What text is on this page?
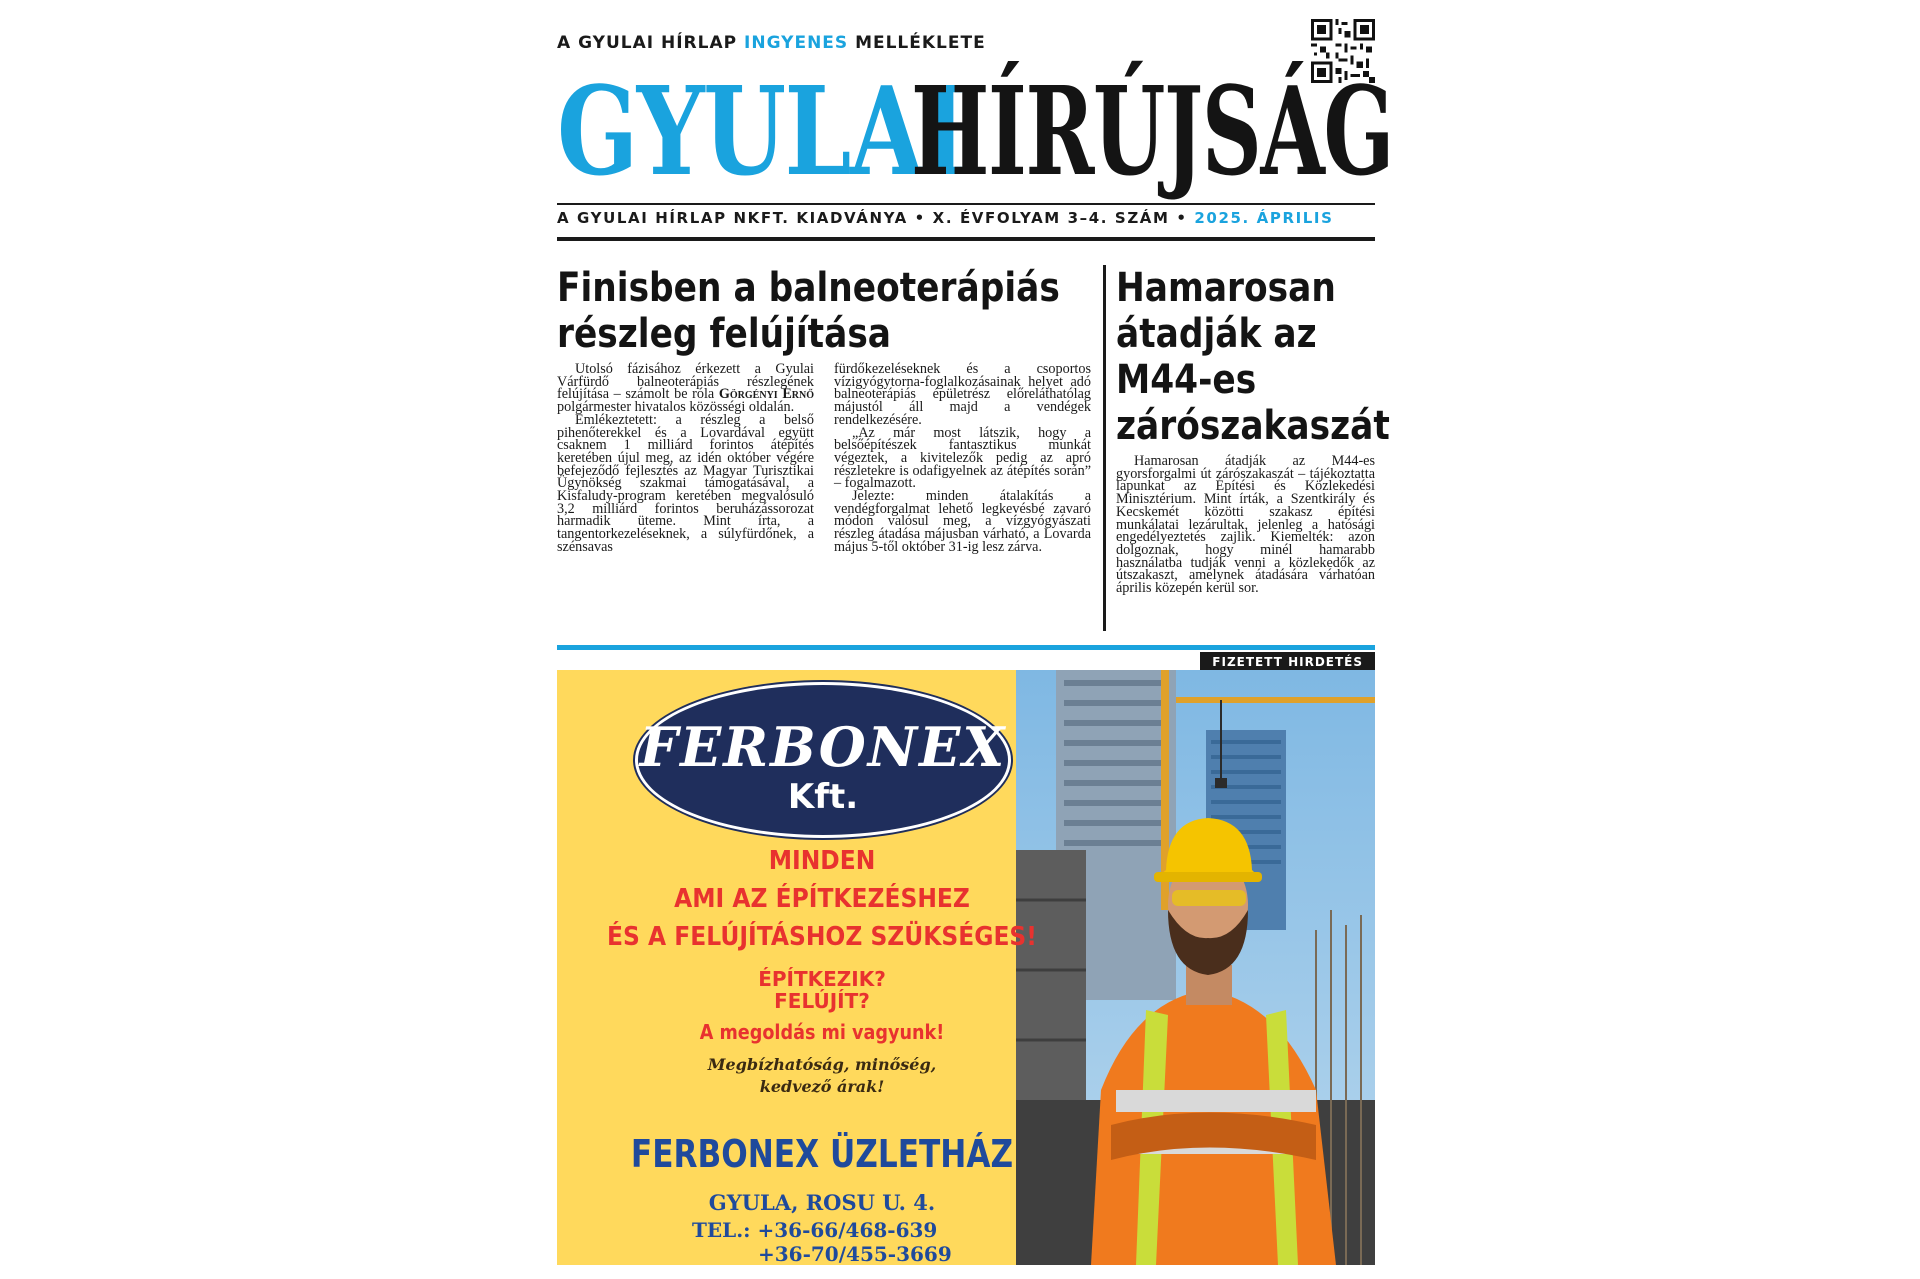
A GYULAI HÍRLAP INGYENES MELLÉKLETE
GYULAI
HÍRÚJSÁG
A GYULAI HÍRLAP NKFT. KIADVÁNYA • X. ÉVFOLYAM 3–4. SZÁM • 2025. ÁPRILIS
Finisben a balneoterápiás
részleg felújítása

Utolsó fázisához érkezett a Gyulai Várfürdő balneoterápiás részlegének felújítása – számolt be róla Görgényi Ernő polgármester hivatalos közösségi oldalán.

Emlékeztetett: a részleg a belső pihenőterekkel és a Lovardával együtt csaknem 1 milliárd forintos átépítés keretében újul meg, az idén október végére befejeződő fejlesztés az Magyar Turisztikai Ügynökség szakmai támogatásával, a Kisfaludy-program keretében megvalósuló 3,2 milliárd forintos beruházássorozat harmadik üteme. Mint írta, a tangentorkezeléseknek, a súlyfürdőnek, a szénsavas

fürdőkezeléseknek és a csoportos vízigyógytorna-foglalkozásainak helyet adó balneoterápiás épületrész előreláthatólag májustól áll majd a vendégek rendelkezésére.

„Az már most látszik, hogy a belsőépítészek fantasztikus munkát végeztek, a kivitelezők pedig az apró részletekre is odafigyelnek az átépítés során” – fogalmazott.

Jelezte: minden átalakítás a vendégforgalmat lehető legkevésbé zavaró módon valósul meg, a vízgyógyászati részleg átadása májusban várható, a Lovarda május 5-től október 31-ig lesz zárva.

Hamarosan
átadják az
M44-es
zárószakaszát

Hamarosan átadják az M44-es gyorsforgalmi út zárószakaszát – tájékoztatta lapunkat az Építési és Közlekedési Minisztérium. Mint írták, a Szentkirály és Kecskemét közötti szakasz építési munkálatai lezárultak, jelenleg a hatósági engedélyeztetés zajlik. Kiemelték: azon dolgoznak, hogy minél hamarabb használatba tudják venni a közlekedők az útszakaszt, amelynek átadására várhatóan április közepén kerül sor.

FIZETETT HIRDETÉS
FERBONEX
Kft.
MINDEN
AMI AZ ÉPÍTKEZÉSHEZ
ÉS A FELÚJÍTÁSHOZ SZÜKSÉGES!
ÉPÍTKEZIK?
FELÚJÍT?
A megoldás mi vagyunk!
Megbízhatóság, minőség,
kedvező árak!
FERBONEX ÜZLETHÁZ
GYULA, ROSU U. 4.
TEL.: +36-66/468-639
+36-70/455-3669
